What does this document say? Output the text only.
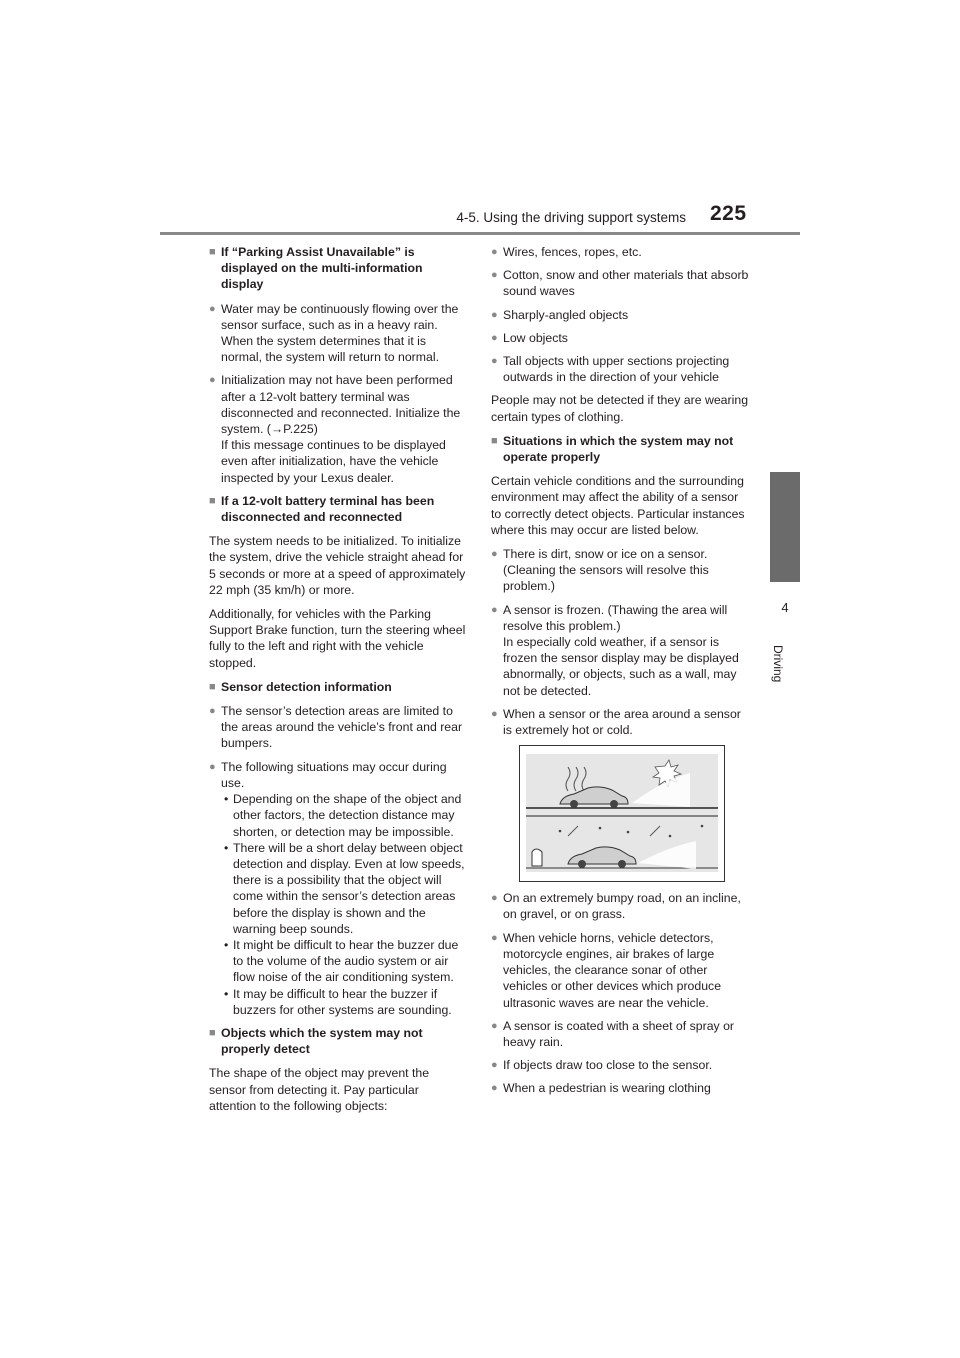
4-5. Using the driving support systems 225
4
Driving

■ If “Parking Assist Unavailable” is displayed on the multi-information display

● Water may be continuously flowing over the sensor surface, such as in a heavy rain. When the system determines that it is normal, the system will return to normal.

● Initialization may not have been performed after a 12-volt battery terminal was disconnected and reconnected. Initialize the system. (→P.225)
If this message continues to be displayed even after initialization, have the vehicle inspected by your Lexus dealer.

■ If a 12-volt battery terminal has been disconnected and reconnected

The system needs to be initialized. To initialize the system, drive the vehicle straight ahead for 5 seconds or more at a speed of approximately 22 mph (35 km/h) or more.

Additionally, for vehicles with the Parking Support Brake function, turn the steering wheel fully to the left and right with the vehicle stopped.

■ Sensor detection information

● The sensor’s detection areas are limited to the areas around the vehicle’s front and rear bumpers.

● The following situations may occur during use.
• Depending on the shape of the object and other factors, the detection distance may shorten, or detection may be impossible.
• There will be a short delay between object detection and display. Even at low speeds, there is a possibility that the object will come within the sensor’s detection areas before the display is shown and the warning beep sounds.
• It might be difficult to hear the buzzer due to the volume of the audio system or air flow noise of the air conditioning system.
• It may be difficult to hear the buzzer if buzzers for other systems are sounding.

■ Objects which the system may not properly detect

The shape of the object may prevent the sensor from detecting it. Pay particular attention to the following objects:

● Wires, fences, ropes, etc.

● Cotton, snow and other materials that absorb sound waves

● Sharply-angled objects

● Low objects

● Tall objects with upper sections projecting outwards in the direction of your vehicle

People may not be detected if they are wearing certain types of clothing.

■ Situations in which the system may not operate properly

Certain vehicle conditions and the surrounding environment may affect the ability of a sensor to correctly detect objects. Particular instances where this may occur are listed below.

● There is dirt, snow or ice on a sensor. (Cleaning the sensors will resolve this problem.)

● A sensor is frozen. (Thawing the area will resolve this problem.)
In especially cold weather, if a sensor is frozen the sensor display may be displayed abnormally, or objects, such as a wall, may not be detected.

● When a sensor or the area around a sensor is extremely hot or cold.

● On an extremely bumpy road, on an incline, on gravel, or on grass.

● When vehicle horns, vehicle detectors, motorcycle engines, air brakes of large vehicles, the clearance sonar of other vehicles or other devices which produce ultrasonic waves are near the vehicle.

● A sensor is coated with a sheet of spray or heavy rain.

● If objects draw too close to the sensor.

● When a pedestrian is wearing clothing
